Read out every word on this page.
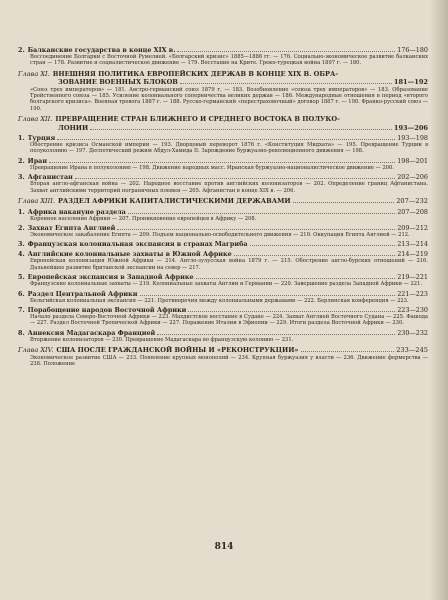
2. Балканские государства в конце XIX в.	176—180
Воссоединение Болгарии с Восточной Румелией. «Болгарский кризис» 1885—1886 гг. — 176. Социально-экономическое развитие балканских стран — 178. Развитие и социалистическое движение — 179. Восстание на Крите. Греко-турецкая война 1897 г. — 180.
Глава XI. ВНЕШНЯЯ ПОЛИТИКА ЕВРОПЕЙСКИХ ДЕРЖАВ В КОНЦЕ XIX В. ОБРА-
ЗОВАНИЕ ВОЕННЫХ БЛОКОВ	181—192
«Союз трех императоров» — 181. Австро-германский союз 1879 г. — 183. Возобновление «союза трех императоров» — 183. Образование Тройственного союза — 185. Усиление колониального соперничества великих держав — 186. Международные отношения в период «второго болгарского кризиса». Военная тревога 1887 г. — 188. Русско-германский «перестраховочный» договор 1887 г. — 190. Франко-русский союз — 190.
Глава XII. ПРЕВРАЩЕНИЕ СТРАН БЛИЖНЕГО И СРЕДНЕГО ВОСТОКА В ПОЛУКО-
ЛОНИИ	193—206
1. Турция	193—198
Обострение кризиса Османской империи — 193. Дворцовый переворот 1876 г. «Конституция Мидхата» — 195. Превращение Турции в полуколонию — 197. Деспотический режим Абдул-Хамида II. Зарождение буржуазно-революционного движения — 198.
2. Иран	198—201
Превращение Ирана в полуколонию — 198. Движение народных масс. Иранская буржуазно-националистическое движение — 200.
3. Афганистан	202—206
Вторая англо-афганская война — 202. Народное восстание против английских колонизаторов — 202. Определение границ Афганистана. Захват английскими территорий пограничных племен — 205. Афганистан в конце XIX в. — 206.
Глава XIII. РАЗДЕЛ АФРИКИ КАПИТАЛИСТИЧЕСКИМИ ДЕРЖАВАМИ	207—232
1. Африка накануне раздела	207—208
Коренное население Африки — 207. Проникновение европейцев в Африку — 208.
2. Захват Египта Англией	209—212
Экономическое закабаление Египта — 209. Подъем национально-освободительного движения — 210. Оккупация Египта Англией — 212.
3. Французская колониальная экспансия в странах Магриба	213—214
4. Английские колониальные захваты в Южной Африке	214—219
Европейская колонизация Южной Африки — 214. Англо-зулусская война 1879 г. — 215. Обострение англо-бурских отношений — 216. Дальнейшее развитие британской экспансии на север — 217.
5. Европейская экспансия в Западной Африке	219—221
Французские колониальные захваты — 219. Колониальные захваты Англии и Германии — 220. Завершение раздела Западной Африки — 221.
6. Раздел Центральной Африки	221—223
Бельгийская колониальная экспансия — 221. Противоречия между колониальными державами — 222. Берлинская конференция — 223.
7. Порабощение народов Восточной Африки	223—230
Начало раздела Северо-Восточной Африки — 223. Махдистское восстание в Судане — 224. Захват Англией Восточного Судана — 225. Фашода — 227. Раздел Восточной Тропической Африки — 227. Поражение Италии в Эфиопии — 229. Итоги раздела Восточной Африки — 230.
8. Аннексия Мадагаскара Францией	230—232
Вторжение колонизаторов — 230. Превращение Мадагаскара во французскую колонию — 231.
Глава XIV. США ПОСЛЕ ГРАЖДАНСКОЙ ВОЙНЫ И «РЕКОНСТРУКЦИИ»	233—245
Экономическое развитие США — 233. Появление крупных монополий — 234. Крупная буржуазия у власти — 236. Движение фермерства — 238. Положение
814
